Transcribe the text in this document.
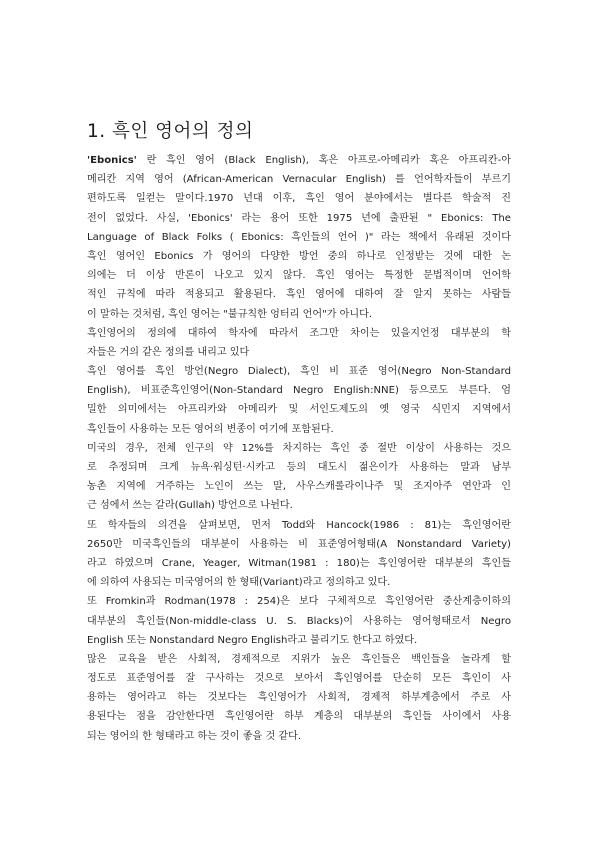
1. 흑인 영어의 정의
'Ebonics' 란 흑인 영어 (Black English), 혹은 아프로-아메리카 혹은 아프리칸-아
메리칸 지역 영어 (African-American Vernacular English) 를 언어학자들이 부르기
편하도록 일컫는 말이다.1970 년대 이후, 흑인 영어 분야에서는 별다른 학술적 진
전이 없었다. 사실, 'Ebonics' 라는 용어 또한 1975 년에 출판된 " Ebonics: The
Language of Black Folks ( Ebonics: 흑인들의 언어 )" 라는 책에서 유래된 것이다
흑인 영어인 Ebonics 가 영어의 다양한 방언 중의 하나로 인정받는 것에 대한 논
의에는 더 이상 반론이 나오고 있지 않다. 흑인 영어는 특정한 문법적이며 언어학
적인 규칙에 따라 적용되고 활용된다. 흑인 영어에 대하여 잘 알지 못하는 사람들
이 말하는 것처럼, 흑인 영어는 "불규칙한 엉터리 언어"가 아니다.
흑인영어의 정의에 대하여 학자에 따라서 조그만 차이는 있을지언정 대부분의 학
자들은 거의 같은 정의를 내리고 있다
흑인 영어를 흑인 방언(Negro Dialect), 흑인 비 표준 영어(Negro Non-Standard
English), 비표준흑인영어(Non-Standard Negro English:NNE) 등으로도 부른다. 엄
밀한 의미에서는 아프리카와 아메리카 및 서인도제도의 옛 영국 식민지 지역에서
흑인들이 사용하는 모든 영어의 변종이 여기에 포함된다.
미국의 경우, 전체 인구의 약 12%를 차지하는 흑인 중 절반 이상이 사용하는 것으
로 추정되며 크게 뉴욕·워싱턴·시카고 등의 대도시 젊은이가 사용하는 말과 남부
농촌 지역에 거주하는 노인이 쓰는 말, 사우스캐롤라이나주 및 조지아주 연안과 인
근 섬에서 쓰는 갈라(Gullah) 방언으로 나뉜다.
또 학자들의 의견을 살펴보면, 먼저 Todd와 Hancock(1986 : 81)는 흑인영어란
2650만 미국흑인들의 대부분이 사용하는 비 표준영어형태(A Nonstandard Variety)
라고 하였으며 Crane, Yeager, Witman(1981 : 180)는 흑인영어란 대부분의 흑인들
에 의하여 사용되는 미국영어의 한 형태(Variant)라고 정의하고 있다.
또 Fromkin과 Rodman(1978 : 254)은 보다 구체적으로 흑인영어란 중산계층이하의
대부분의 흑인들(Non-middle-class U. S. Blacks)이 사용하는 영어형태로서 Negro
English 또는 Nonstandard Negro English라고 불리기도 한다고 하였다.
많은 교육을 받은 사회적, 경제적으로 지위가 높은 흑인들은 백인들을 놀라게 할
정도로 표준영어를 잘 구사하는 것으로 보아서 흑인영어를 단순히 모든 흑인이 사
용하는 영어라고 하는 것보다는 흑인영어가 사회적, 경제적 하부계층에서 주로 사
용된다는 점을 감안한다면 흑인영어란 하부 계층의 대부분의 흑인들 사이에서 사용
되는 영어의 한 형태라고 하는 것이 좋을 것 같다.
